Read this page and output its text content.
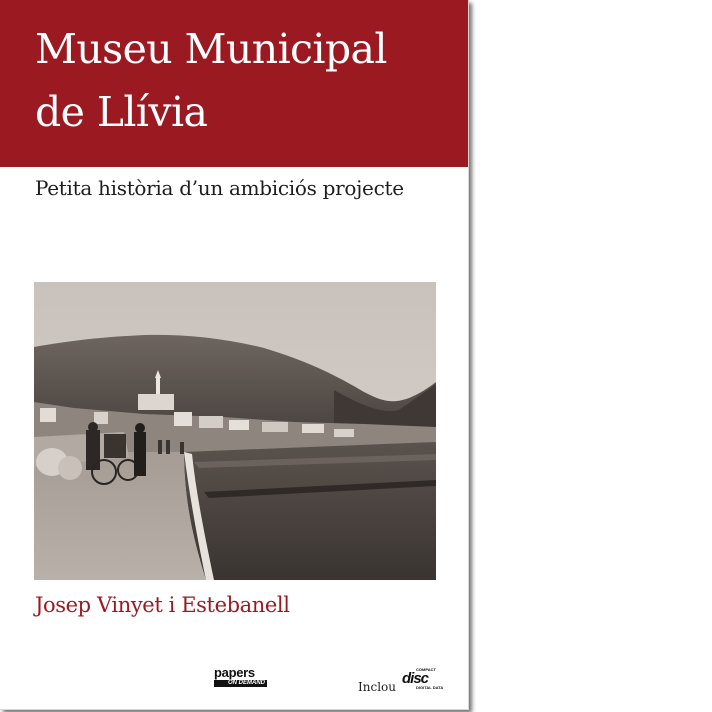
Museu Municipal
de Llívia
Petita història d’un ambiciós projecte
Josep Vinyet i Estebanell
papers
ON DEMAND	Inclou
COMPACT
disc
DIGITAL DATA
